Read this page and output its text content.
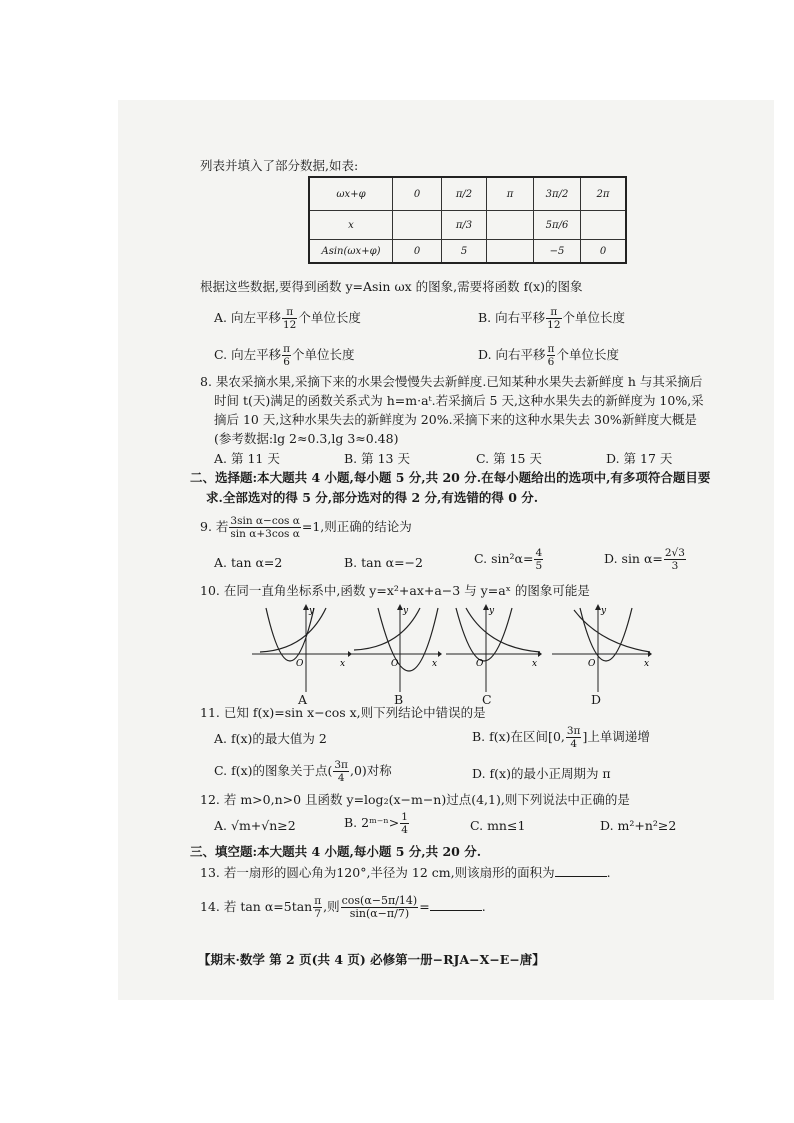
列表并填入了部分数据,如表:
ωx+φ	0	π/2	π	3π/2	2π
x		π/3		5π/6	
Asin(ωx+φ)	0	5		−5	0
根据这些数据,要得到函数 y=Asin ωx 的图象,需要将函数 f(x)的图象
A. 向左平移 $\frac{\pi}{12}$ 个单位长度	B. 向右平移 $\frac{\pi}{12}$ 个单位长度
C. 向左平移 $\frac{\pi}{6}$ 个单位长度	D. 向右平移 $\frac{\pi}{6}$ 个单位长度
8. 果农采摘水果,采摘下来的水果会慢慢失去新鲜度.已知某种水果失去新鲜度 h 与其采摘后
时间 t(天)满足的函数关系式为 h=m·aᵗ.若采摘后 5 天,这种水果失去的新鲜度为 10%,采
摘后 10 天,这种水果失去的新鲜度为 20%.采摘下来的这种水果失去 30%新鲜度大概是
(参考数据:lg 2≈0.3,lg 3≈0.48)
A. 第 11 天	B. 第 13 天	C. 第 15 天	D. 第 17 天
二、选择题:本大题共 4 小题,每小题 5 分,共 20 分.在每小题给出的选项中,有多项符合题目要
求.全部选对的得 5 分,部分选对的得 2 分,有选错的得 0 分.
9. 若 $\frac{\text{3sin α−cos α}}{\text{sin α+3cos α}} =1$,则正确的结论为
A. tan α=2	B. tan α=−2	C. $\sin^2\alpha= \frac{4}{5}$	D. $\sin \alpha= \frac{2√3}{3}$
10. 在同一直角坐标系中,函数 y=x²+ax+a−3 与 y=aˣ 的图象可能是
x
y
O	x
y
O	x
y
O	x
y
O
A	B	C	D
11. 已知 f(x)=sin x−cos x,则下列结论中错误的是
A. f(x)的最大值为 2	B. f(x)在区间[0, $\frac{3\pi}{4}$ ]上单调递增
C. f(x)的图象关于点( $\frac{3\pi}{4} ,0$)对称	D. f(x)的最小正周期为 π
12. 若 m>0,n>0 且函数 y=log₂(x−m−n)过点(4,1),则下列说法中正确的是
A. √m+√n≥2	B. 2ᵐ⁻ⁿ> $\frac{1}{4}$	C. mn≤1	D. m²+n²≥2
三、填空题:本大题共 4 小题,每小题 5 分,共 20 分.
13. 若一扇形的圆心角为120°,半径为 12 cm,则该扇形的面积为	.
14. 若 $\tan \alpha=5\tan \frac{\pi}{7}$ ,则 $\frac{\cos(\alpha-5\pi/14)}{\sin(\alpha-\pi/7)}$ =	.
【期末·数学 第 2 页(共 4 页) 必修第一册−RJA−X−E−唐】
